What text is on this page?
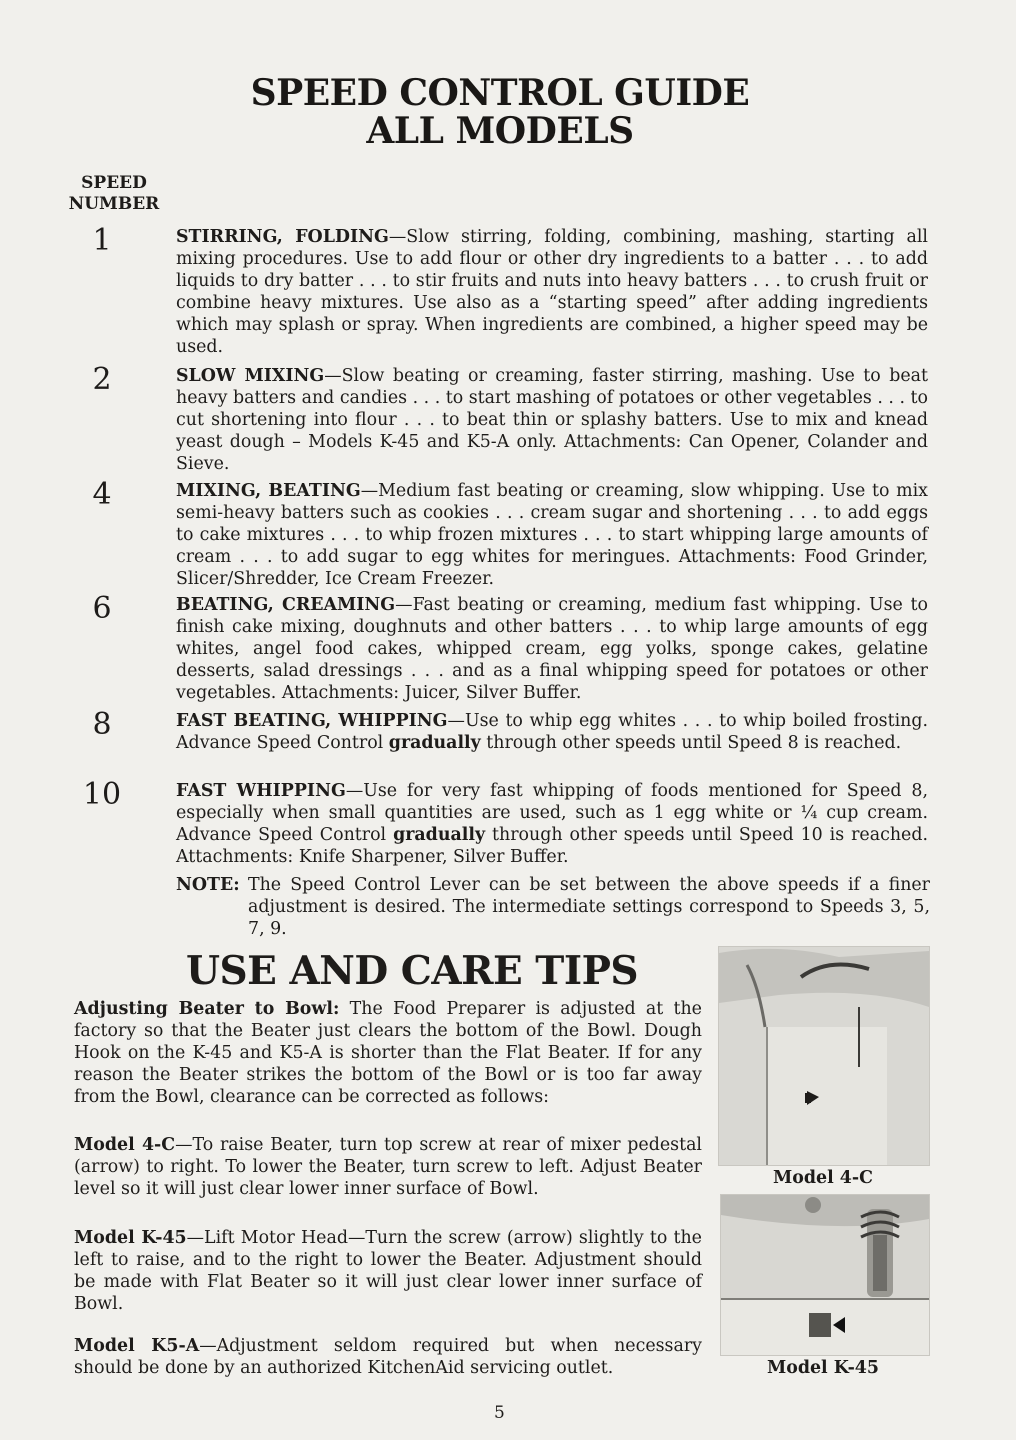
SPEED CONTROL GUIDE
ALL MODELS
SPEED
NUMBER
1	STIRRING, FOLDING—Slow stirring, folding, combining, mashing, starting all mixing procedures. Use to add flour or other dry ingredients to a batter . . . to add liquids to dry batter . . . to stir fruits and nuts into heavy batters . . . to crush fruit or combine heavy mixtures. Use also as a “starting speed” after adding ingredients which may splash or spray. When ingredients are combined, a higher speed may be used.
2	SLOW MIXING—Slow beating or creaming, faster stirring, mashing. Use to beat heavy batters and candies . . . to start mashing of potatoes or other vegetables . . . to cut shortening into flour . . . to beat thin or splashy batters. Use to mix and knead yeast dough – Models K-45 and K5-A only. Attachments: Can Opener, Colander and Sieve.
4	MIXING, BEATING—Medium fast beating or creaming, slow whipping. Use to mix semi-heavy batters such as cookies . . . cream sugar and shortening . . . to add eggs to cake mixtures . . . to whip frozen mixtures . . . to start whipping large amounts of cream . . . to add sugar to egg whites for meringues. Attachments: Food Grinder, Slicer/Shredder, Ice Cream Freezer.
6	BEATING, CREAMING—Fast beating or creaming, medium fast whipping. Use to finish cake mixing, doughnuts and other batters . . . to whip large amounts of egg whites, angel food cakes, whipped cream, egg yolks, sponge cakes, gelatine desserts, salad dressings . . . and as a final whipping speed for potatoes or other vegetables. Attachments: Juicer, Silver Buffer.
8	FAST BEATING, WHIPPING—Use to whip egg whites . . . to whip boiled frosting. Advance Speed Control gradually through other speeds until Speed 8 is reached.
10	FAST WHIPPING—Use for very fast whipping of foods mentioned for Speed 8, especially when small quantities are used, such as 1 egg white or ¼ cup cream. Advance Speed Control gradually through other speeds until Speed 10 is reached. Attachments: Knife Sharpener, Silver Buffer.
NOTE: The Speed Control Lever can be set between the above speeds if a finer adjustment is desired. The intermediate settings correspond to Speeds 3, 5, 7, 9.
USE AND CARE TIPS
Adjusting Beater to Bowl: The Food Preparer is adjusted at the factory so that the Beater just clears the bottom of the Bowl. Dough Hook on the K-45 and K5-A is shorter than the Flat Beater. If for any reason the Beater strikes the bottom of the Bowl or is too far away from the Bowl, clearance can be corrected as follows:
Model 4-C—To raise Beater, turn top screw at rear of mixer pedestal (arrow) to right. To lower the Beater, turn screw to left. Adjust Beater level so it will just clear lower inner surface of Bowl.
Model K-45—Lift Motor Head—Turn the screw (arrow) slightly to the left to raise, and to the right to lower the Beater. Adjustment should be made with Flat Beater so it will just clear lower inner surface of Bowl.
Model K5-A—Adjustment seldom required but when necessary should be done by an authorized KitchenAid servicing outlet.
Model 4-C
Model K-45
5
